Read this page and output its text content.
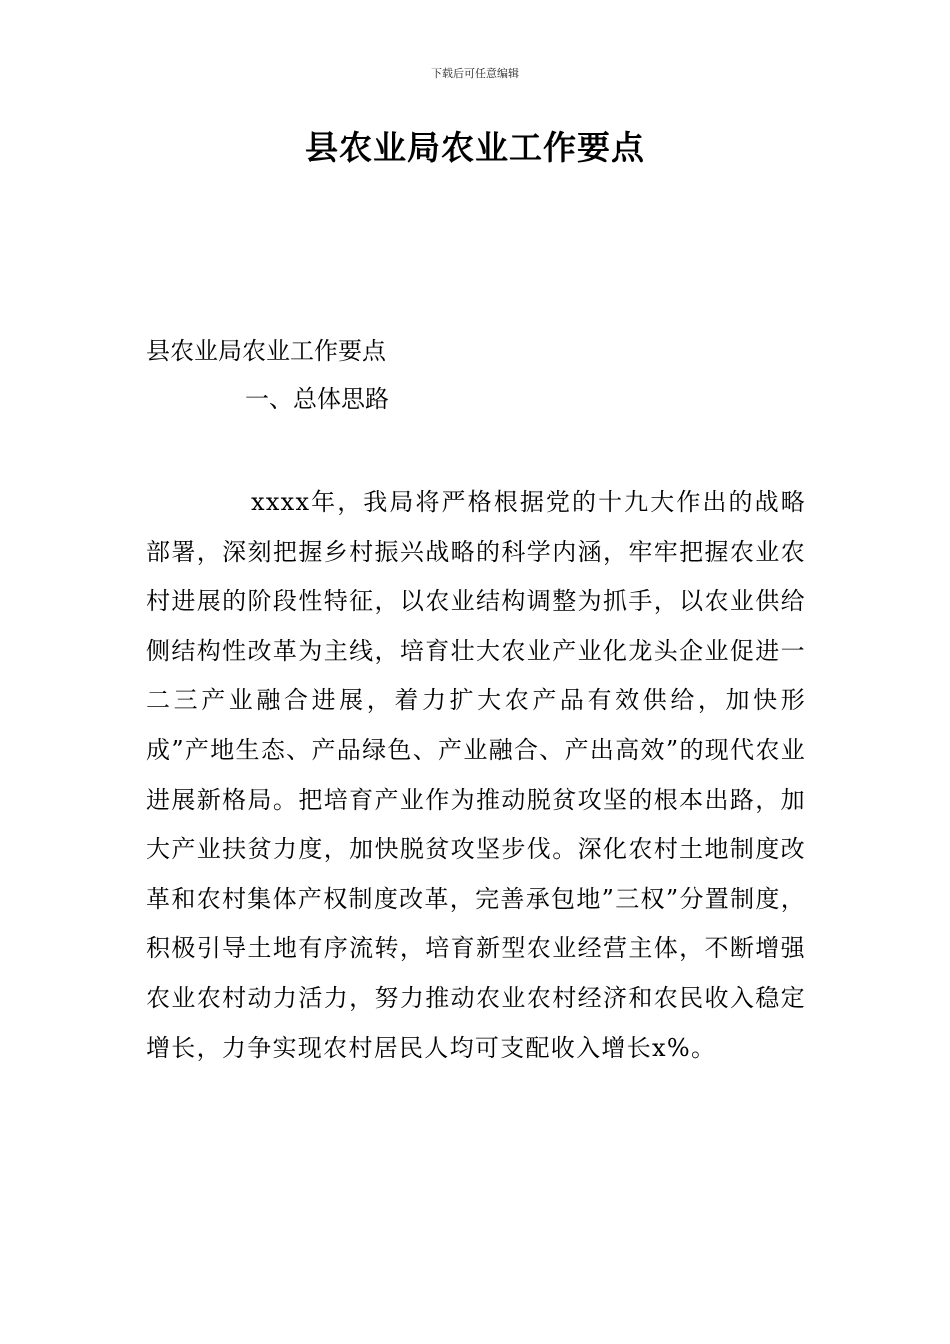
下载后可任意编辑
县农业局农业工作要点
县农业局农业工作要点
一、总体思路

xxxx年，我局将严格根据党的十九大作出的战略部署，深刻把握乡村振兴战略的科学内涵，牢牢把握农业农村进展的阶段性特征，以农业结构调整为抓手，以农业供给侧结构性改革为主线，培育壮大农业产业化龙头企业促进一二三产业融合进展，着力扩大农产品有效供给，加快形成”产地生态、产品绿色、产业融合、产出高效”的现代农业进展新格局。把培育产业作为推动脱贫攻坚的根本出路，加大产业扶贫力度，加快脱贫攻坚步伐。深化农村土地制度改革和农村集体产权制度改革，完善承包地”三权”分置制度，积极引导土地有序流转，培育新型农业经营主体，不断增强农业农村动力活力，努力推动农业农村经济和农民收入稳定增长，力争实现农村居民人均可支配收入增长x%。
